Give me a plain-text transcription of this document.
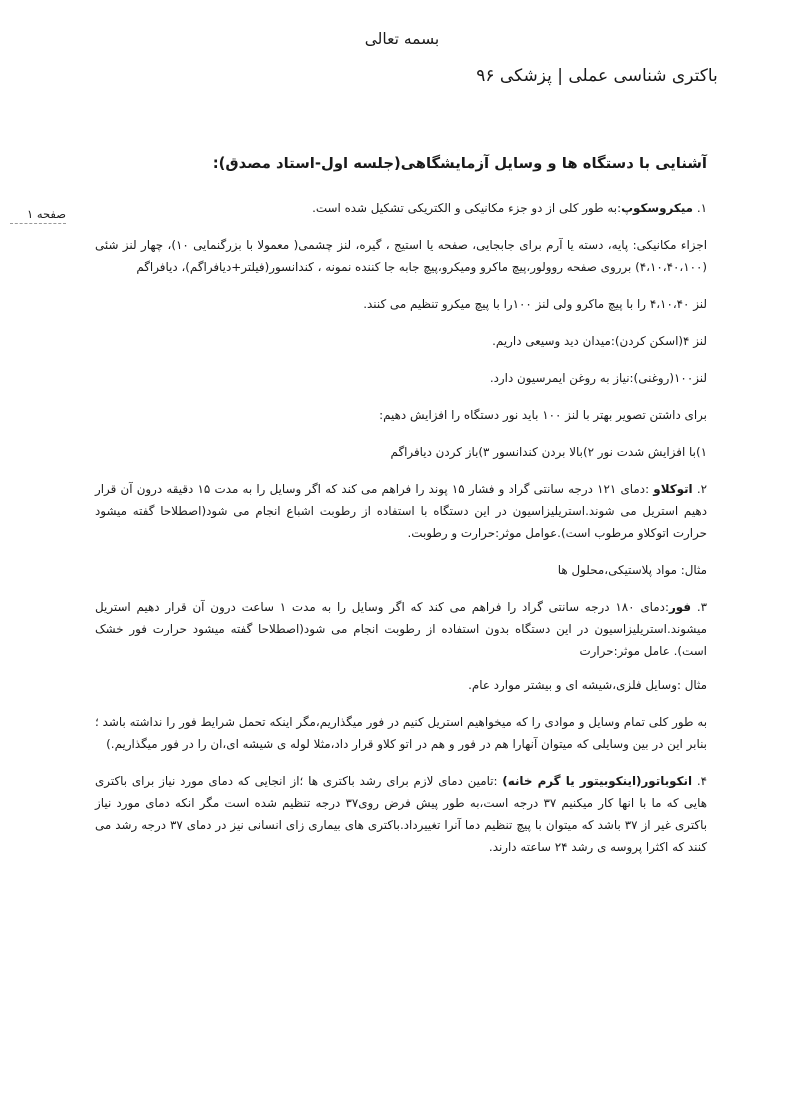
بسمه تعالی
باکتری شناسی عملی | پزشکی ۹۶
صفحه ۱
آشنایی با دستگاه ها و وسایل آزمایشگاهی(جلسه اول-استاد مصدق):

۱. میکروسکوپ:به طور کلی از دو جزء مکانیکی و الکتریکی تشکیل شده است.

اجزاء مکانیکی: پایه، دسته یا آرم برای جابجایی، صفحه یا استیج ، گیره، لنز چشمی( معمولا با بزرگنمایی ۱۰)، چهار لنز شئی (۴،۱۰،۴۰،۱۰۰) برروی صفحه روولور،پیچ ماکرو ومیکرو،پیچ جابه جا کننده نمونه ، کندانسور(فیلتر+دیافراگم)، دیافراگم

لنز ۴،۱۰،۴۰ را با پیچ ماکرو ولی لنز ۱۰۰را با پیچ میکرو تنظیم می کنند.

لنز ۴(اسکن کردن):میدان دید وسیعی داریم.

لنز۱۰۰(روغنی):نیاز به روغن ایمرسیون دارد.

برای داشتن تصویر بهتر با لنز ۱۰۰ باید نور دستگاه را افزایش دهیم:

۱)با افزایش شدت نور ۲)بالا بردن کندانسور ۳)باز کردن دیافراگم

۲. اتوکلاو :دمای ۱۲۱ درجه سانتی گراد و فشار ۱۵ پوند را فراهم می کند که اگر وسایل را به مدت ۱۵ دقیقه درون آن قرار دهیم استریل می شوند.استریلیزاسیون در این دستگاه با استفاده از رطوبت اشباع انجام می شود(اصطلاحا گفته میشود حرارت اتوکلاو مرطوب است).عوامل موثر:حرارت و رطوبت.

مثال: مواد پلاستیکی،محلول ها

۳. فور:دمای ۱۸۰ درجه سانتی گراد را فراهم می کند که اگر وسایل را به مدت ۱ ساعت درون آن قرار دهیم استریل میشوند.استریلیزاسیون در این دستگاه بدون استفاده از رطوبت انجام می شود(اصطلاحا گفته میشود حرارت فور خشک است). عامل موثر:حرارت

مثال :وسایل فلزی،شیشه ای و بیشتر موارد عام.

به طور کلی تمام وسایل و موادی را که میخواهیم استریل کنیم در فور میگذاریم،مگر اینکه تحمل شرایط فور را نداشته باشد ؛بنابر این در بین وسایلی که میتوان آنهارا هم در فور و هم در اتو کلاو قرار داد،مثلا لوله ی شیشه ای،ان را در فور میگذاریم.)

۴. انکوباتور(اینکوبیتور یا گرم خانه) :تامین دمای لازم برای رشد باکتری ها ؛از انجایی که دمای مورد نیاز برای باکتری هایی که ما با انها کار میکنیم ۳۷ درجه است،به طور پیش فرض روی۳۷ درجه تنظیم شده است مگر انکه دمای مورد نیاز باکتری غیر از ۳۷ باشد که میتوان با پیچ تنظیم دما آنرا تغییرداد.باکتری های بیماری زای انسانی نیز در دمای ۳۷ درجه رشد می کنند که اکثرا پروسه ی رشد ۲۴ ساعته دارند.
